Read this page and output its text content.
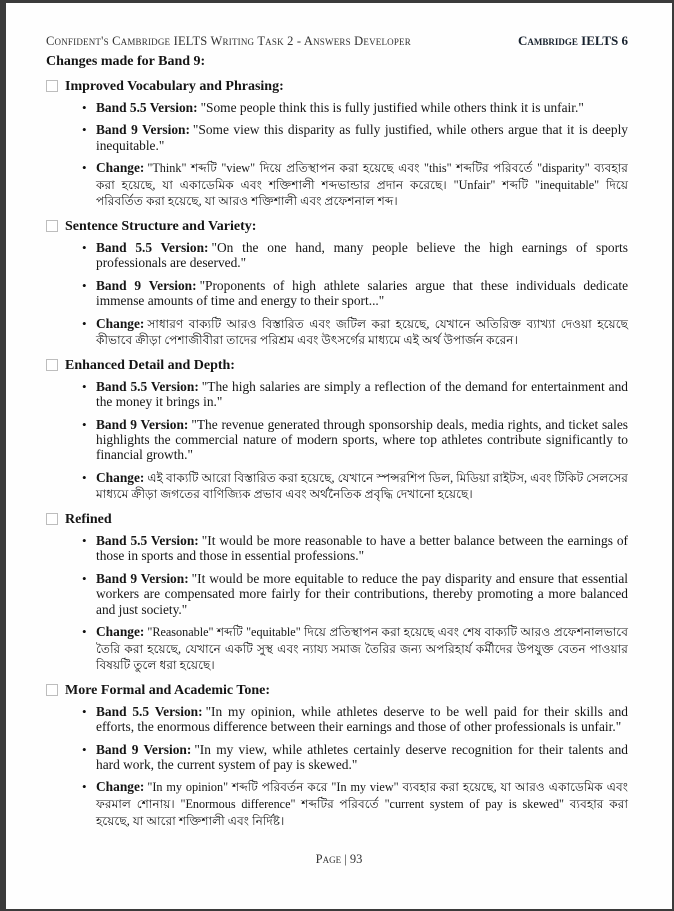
Confident's Cambridge IELTS Writing Task 2 - Answers Developer	Cambridge IELTS 6
Changes made for Band 9:
Improved Vocabulary and Phrasing:
• Band 5.5 Version: "Some people think this is fully justified while others think it is unfair."

• Band 9 Version: "Some view this disparity as fully justified, while others argue that it is deeply inequitable."

• Change: "Think" শব্দটি "view" দিয়ে প্রতিস্থাপন করা হয়েছে এবং "this" শব্দটির পরিবর্তে "disparity" ব্যবহার করা হয়েছে, যা একাডেমিক এবং শক্তিশালী শব্দভান্ডার প্রদান করেছে। "Unfair" শব্দটি "inequitable" দিয়ে পরিবর্তিত করা হয়েছে, যা আরও শক্তিশালী এবং প্রফেশনাল শব্দ।

Sentence Structure and Variety:
• Band 5.5 Version: "On the one hand, many people believe the high earnings of sports professionals are deserved."

• Band 9 Version: "Proponents of high athlete salaries argue that these individuals dedicate immense amounts of time and energy to their sport..."

• Change: সাধারণ বাক্যটি আরও বিস্তারিত এবং জটিল করা হয়েছে, যেখানে অতিরিক্ত ব্যাখ্যা দেওয়া হয়েছে কীভাবে ক্রীড়া পেশাজীবীরা তাদের পরিশ্রম এবং উৎসর্গের মাধ্যমে এই অর্থ উপার্জন করেন।

Enhanced Detail and Depth:
• Band 5.5 Version: "The high salaries are simply a reflection of the demand for entertainment and the money it brings in."

• Band 9 Version: "The revenue generated through sponsorship deals, media rights, and ticket sales highlights the commercial nature of modern sports, where top athletes contribute significantly to financial growth."

• Change: এই বাক্যটি আরো বিস্তারিত করা হয়েছে, যেখানে স্পন্সরশিপ ডিল, মিডিয়া রাইটস, এবং টিকিট সেলসের মাধ্যমে ক্রীড়া জগতের বাণিজ্যিক প্রভাব এবং অর্থনৈতিক প্রবৃদ্ধি দেখানো হয়েছে।

Refined
• Band 5.5 Version: "It would be more reasonable to have a better balance between the earnings of those in sports and those in essential professions."

• Band 9 Version: "It would be more equitable to reduce the pay disparity and ensure that essential workers are compensated more fairly for their contributions, thereby promoting a more balanced and just society."

• Change: "Reasonable" শব্দটি "equitable" দিয়ে প্রতিস্থাপন করা হয়েছে এবং শেষ বাক্যটি আরও প্রফেশনালভাবে তৈরি করা হয়েছে, যেখানে একটি সুস্থ এবং ন্যায্য সমাজ তৈরির জন্য অপরিহার্য কর্মীদের উপযুক্ত বেতন পাওয়ার বিষয়টি তুলে ধরা হয়েছে।

More Formal and Academic Tone:
• Band 5.5 Version: "In my opinion, while athletes deserve to be well paid for their skills and efforts, the enormous difference between their earnings and those of other professionals is unfair."

• Band 9 Version: "In my view, while athletes certainly deserve recognition for their talents and hard work, the current system of pay is skewed."

• Change: "In my opinion" শব্দটি পরিবর্তন করে "In my view" ব্যবহার করা হয়েছে, যা আরও একাডেমিক এবং ফরমাল শোনায়। "Enormous difference" শব্দটির পরিবর্তে "current system of pay is skewed" ব্যবহার করা হয়েছে, যা আরো শক্তিশালী এবং নির্দিষ্ট।

Page | 93
